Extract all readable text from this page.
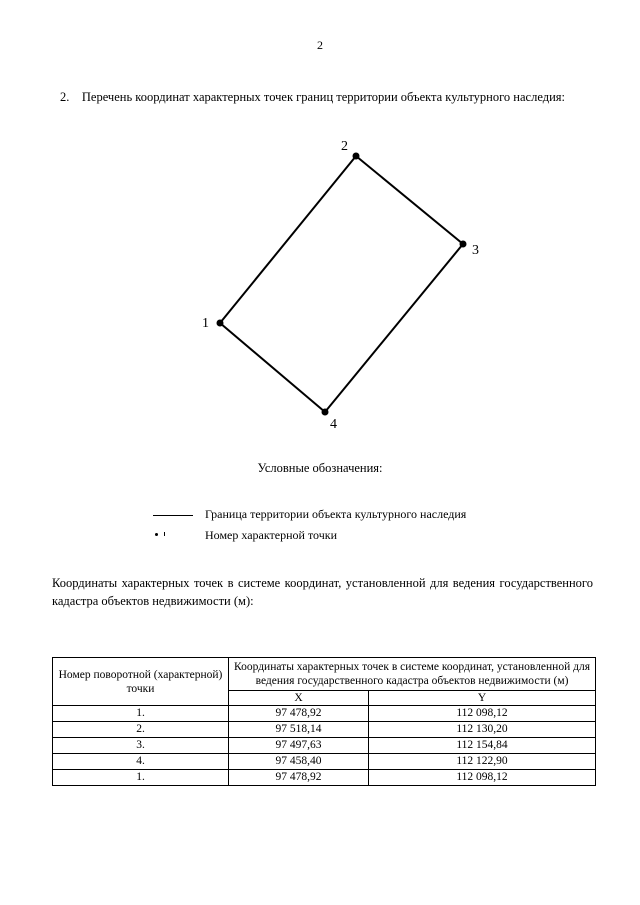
2
2.    Перечень координат характерных точек границ территории объекта культурного наследия:
1
2
3
4
Условные обозначения:
Граница территории объекта культурного наследия
Номер характерной точки
Координаты характерных точек в системе координат, установленной для ведения государственного кадастра объектов недвижимости (м):
Номер поворотной (характерной) точки	Координаты характерных точек в системе координат, установленной для ведения государственного кадастра объектов недвижимости (м)	
	X	Y
1.	97 478,92	112 098,12
2.	97 518,14	112 130,20
3.	97 497,63	112 154,84
4.	97 458,40	112 122,90
1.	97 478,92	112 098,12
